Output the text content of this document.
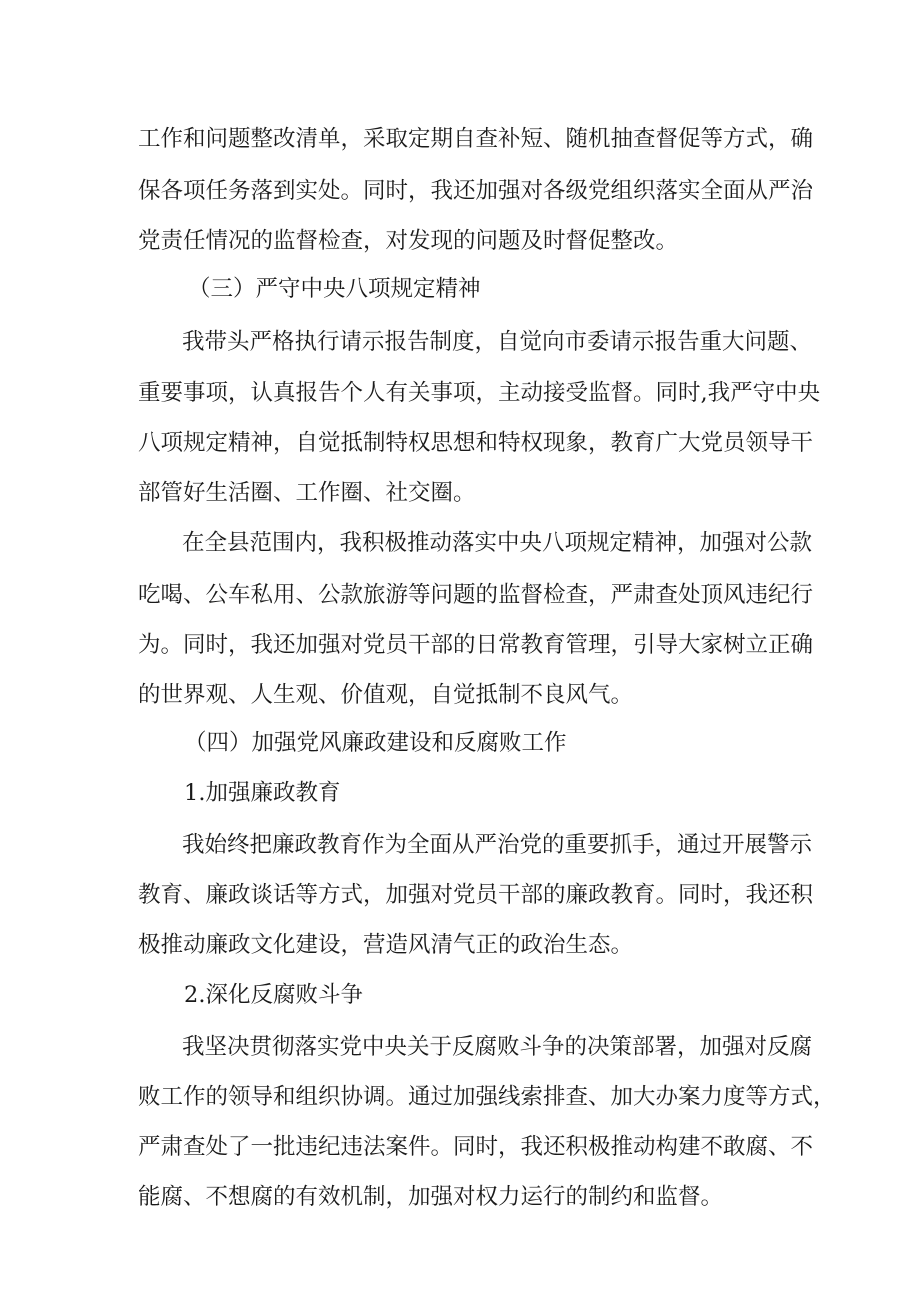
工作和问题整改清单，采取定期自查补短、随机抽查督促等方式，确
保各项任务落到实处。同时，我还加强对各级党组织落实全面从严治
党责任情况的监督检查，对发现的问题及时督促整改。
（三）严守中央八项规定精神
我带头严格执行请示报告制度，自觉向市委请示报告重大问题、
重要事项，认真报告个人有关事项，主动接受监督。同时,我严守中央
八项规定精神，自觉抵制特权思想和特权现象，教育广大党员领导干
部管好生活圈、工作圈、社交圈。
在全县范围内，我积极推动落实中央八项规定精神，加强对公款
吃喝、公车私用、公款旅游等问题的监督检查，严肃查处顶风违纪行
为。同时，我还加强对党员干部的日常教育管理，引导大家树立正确
的世界观、人生观、价值观，自觉抵制不良风气。
（四）加强党风廉政建设和反腐败工作
1.加强廉政教育
我始终把廉政教育作为全面从严治党的重要抓手，通过开展警示
教育、廉政谈话等方式，加强对党员干部的廉政教育。同时，我还积
极推动廉政文化建设，营造风清气正的政治生态。
2.深化反腐败斗争
我坚决贯彻落实党中央关于反腐败斗争的决策部署，加强对反腐
败工作的领导和组织协调。通过加强线索排查、加大办案力度等方式，
严肃查处了一批违纪违法案件。同时，我还积极推动构建不敢腐、不
能腐、不想腐的有效机制，加强对权力运行的制约和监督。
